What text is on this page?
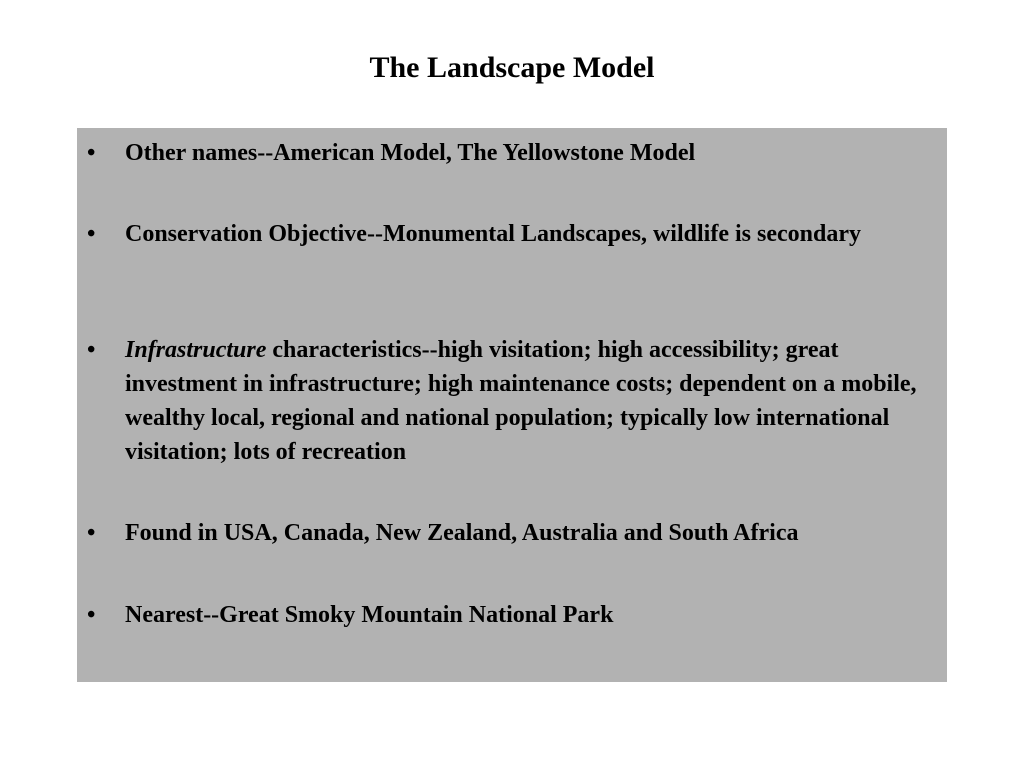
The Landscape Model
•	Other names--American Model, The Yellowstone Model
•	Conservation Objective--Monumental Landscapes, wildlife is secondary
•	Infrastructure characteristics--high visitation; high accessibility; great investment in infrastructure; high maintenance costs; dependent on a mobile, wealthy local, regional and national population; typically low international visitation; lots of recreation
•	Found in USA, Canada, New Zealand, Australia and South Africa
•	Nearest--Great Smoky Mountain National Park
